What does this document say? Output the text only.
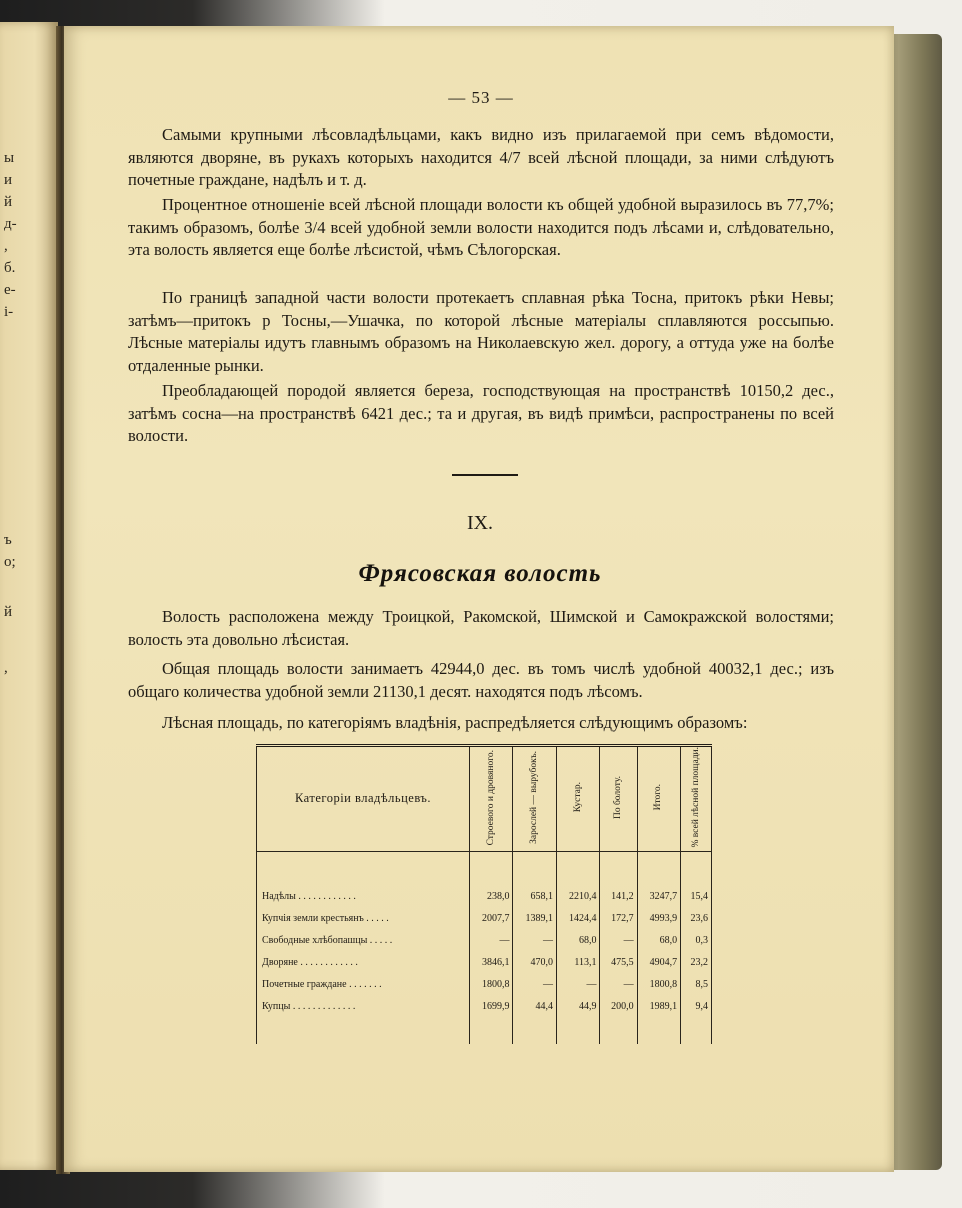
ы
и
й
д-
,
б.
е-
і-
ъ
о;
й
,
— 53 —
Самыми крупными лѣсовладѣльцами, какъ видно изъ прилагаемой при семъ вѣдомости, являются дворяне, въ рукахъ которыхъ находится 4/7 всей лѣсной площади, за ними слѣдуютъ почетные граждане, надѣлъ и т. д.
Процентное отношеніе всей лѣсной площади волости къ общей удобной выразилось въ 77,7%; такимъ образомъ, болѣе 3/4 всей удобной земли волости находится подъ лѣсами и, слѣдовательно, эта волость является еще болѣе лѣсистой, чѣмъ Сѣлогорская.
По границѣ западной части волости протекаетъ сплавная рѣка Тосна, притокъ рѣки Невы; затѣмъ—притокъ р Тосны,—Ушачка, по которой лѣсные матеріалы сплавляются россыпью. Лѣсные матеріалы идутъ главнымъ образомъ на Николаевскую жел. дорогу, а оттуда уже на болѣе отдаленные рынки.
Преобладающей породой является береза, господствующая на пространствѣ 10150,2 дес., затѣмъ сосна—на пространствѣ 6421 дес.; та и другая, въ видѣ примѣси, распространены по всей волости.
IX.
Фрясовская волость
Волость расположена между Троицкой, Ракомской, Шимской и Самокражской волостями; волость эта довольно лѣсистая.
Общая площадь волости занимаетъ 42944,0 дес. въ томъ числѣ удобной 40032,1 дес.; изъ общаго количества удобной земли 21130,1 десят. находятся подъ лѣсомъ.
Лѣсная площадь, по категоріямъ владѣнія, распредѣляется слѣдующимъ образомъ:
Категоріи владѣльцевъ.	Строевого и дровяного.	Зарослей — вырубокъ.	Кустар.	По болоту.	Итого.	% всей лѣсной площади.

Надѣлы . . . . . . . . . . . .	238,0	658,1	2210,4	141,2	3247,7	15,4
Купчія земли крестьянъ . . . . .	2007,7	1389,1	1424,4	172,7	4993,9	23,6
Свободные хлѣбопашцы . . . . .	—	—	68,0	—	68,0	0,3
Дворяне . . . . . . . . . . . .	3846,1	470,0	113,1	475,5	4904,7	23,2
Почетные граждане . . . . . . .	1800,8	—	—	—	1800,8	8,5
Купцы . . . . . . . . . . . . .	1699,9	44,4	44,9	200,0	1989,1	9,4
